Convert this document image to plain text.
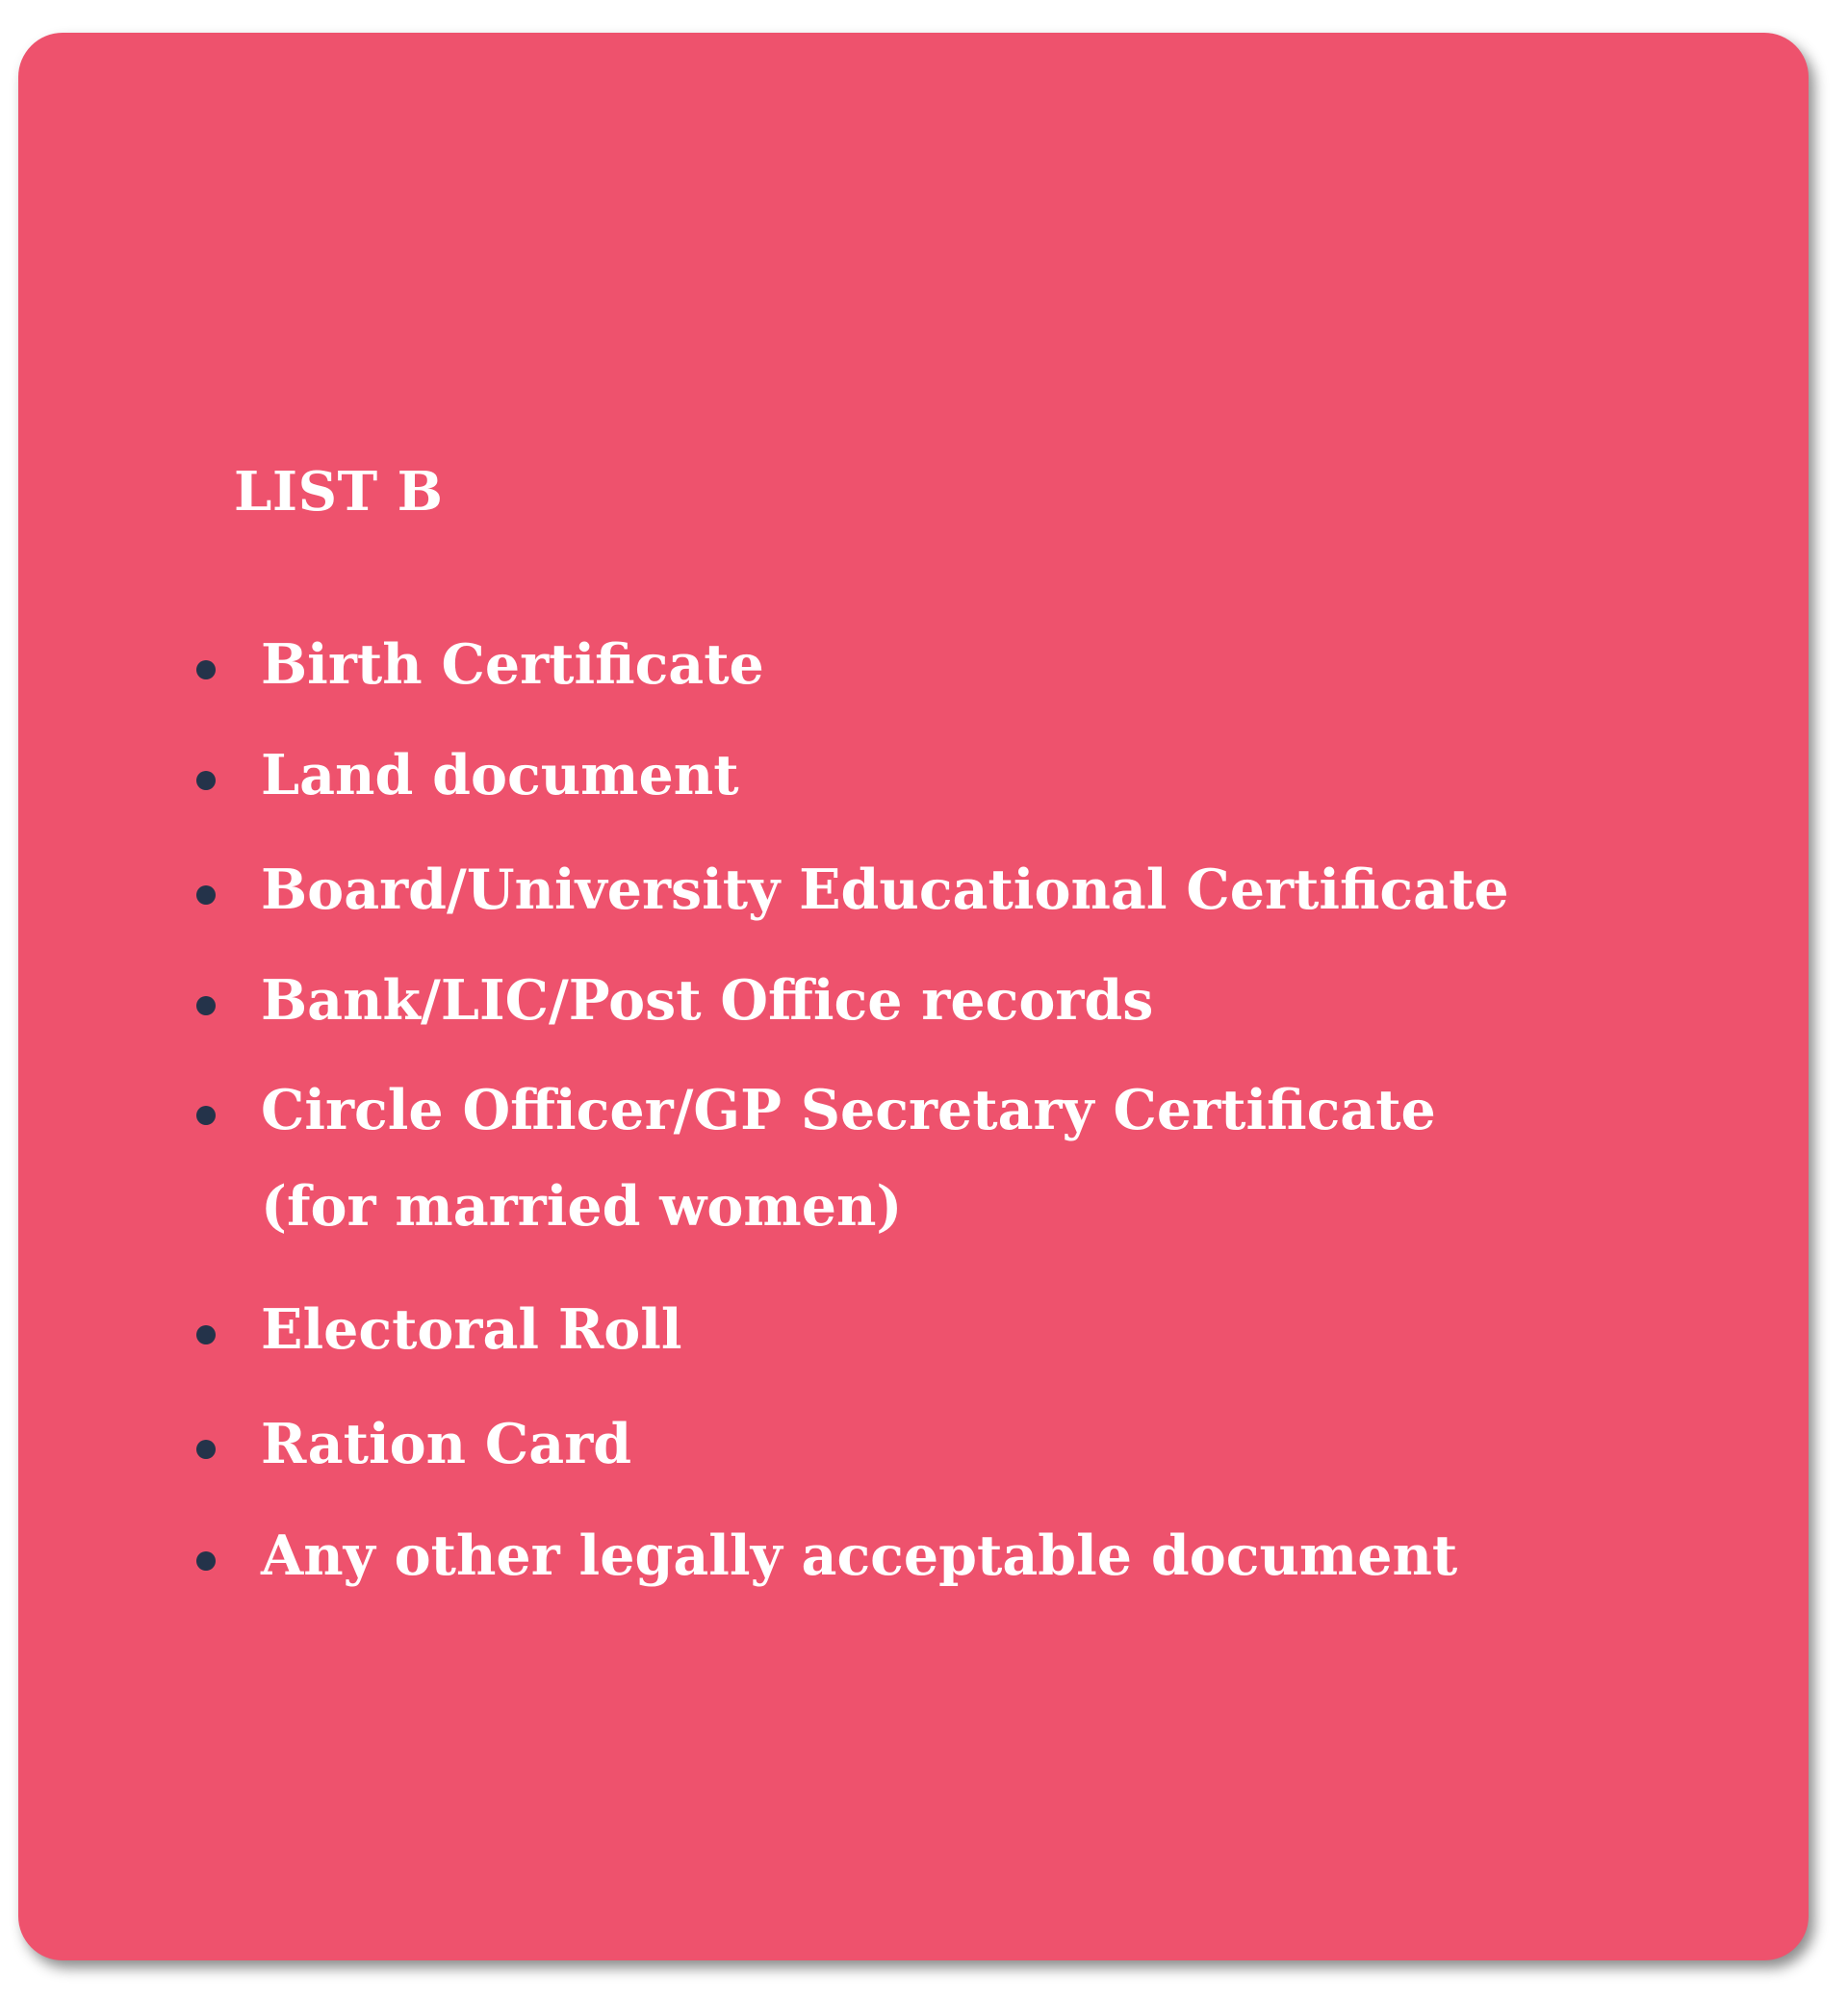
LIST B
Birth Certificate
Land document
Board/University Educational Certificate
Bank/LIC/Post Office records
Circle Officer/GP Secretary Certificate
(for married women)
Electoral Roll
Ration Card
Any other legally acceptable document
